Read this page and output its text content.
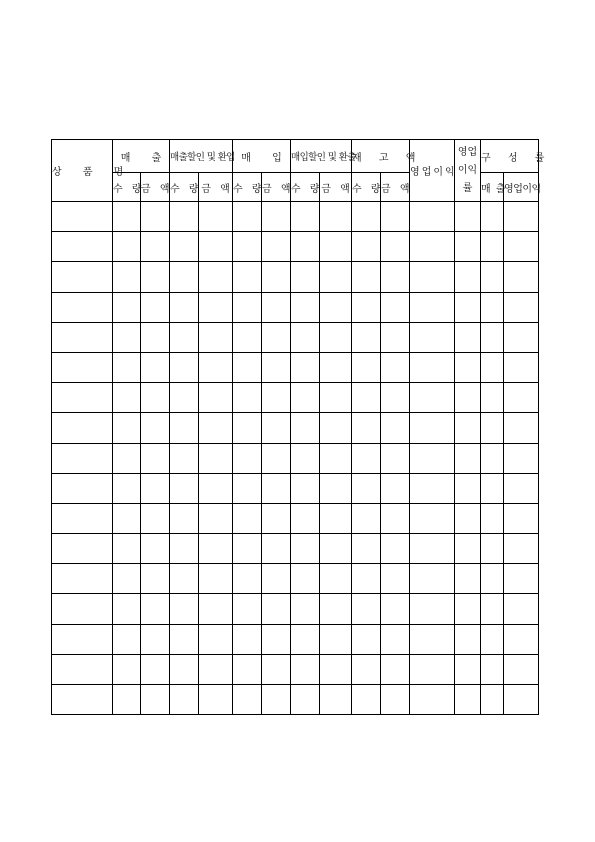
상 품 명	매 출		매출할인 및 환입		매 입		매입할인 및 환출		재 고 액		영업이익	영업 이익률	구 성 률	
	수 량	금 액	수 량	금 액	수 량	금 액	수 량	금 액	수 량	금 액			매 출	영업이익
